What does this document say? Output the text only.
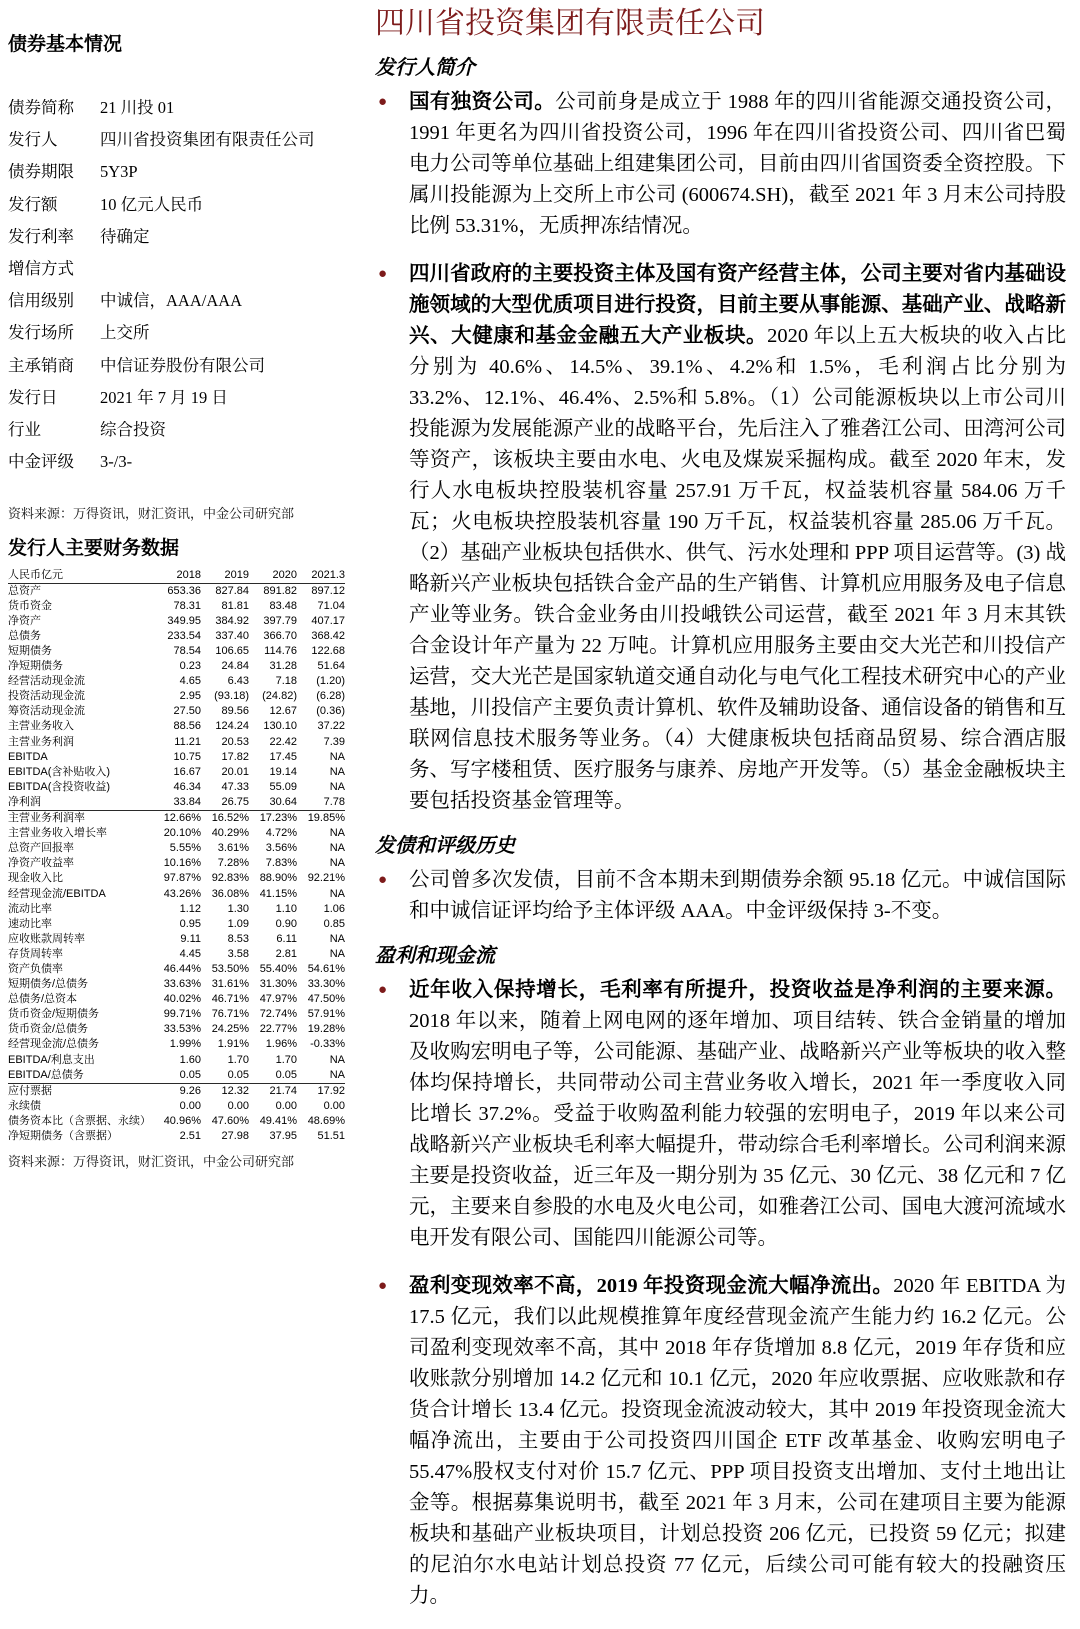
债券基本情况
债券简称	21 川投 01
发行人	四川省投资集团有限责任公司
债券期限	5Y3P
发行额	10 亿元人民币
发行利率	待确定
增信方式
信用级别	中诚信，AAA/AAA
发行场所	上交所
主承销商	中信证券股份有限公司
发行日	2021 年 7 月 19 日
行业	综合投资
中金评级	3-/3-
资料来源：万得资讯，财汇资讯，中金公司研究部
发行人主要财务数据
人民币亿元	2018	2019	2020	2021.3
总资产	653.36	827.84	891.82	897.12
货币资金	78.31	81.81	83.48	71.04
净资产	349.95	384.92	397.79	407.17
总债务	233.54	337.40	366.70	368.42
短期债务	78.54	106.65	114.76	122.68
净短期债务	0.23	24.84	31.28	51.64
经营活动现金流	4.65	6.43	7.18	(1.20)
投资活动现金流	2.95	(93.18)	(24.82)	(6.28)
筹资活动现金流	27.50	89.56	12.67	(0.36)
主营业务收入	88.56	124.24	130.10	37.22
主营业务利润	11.21	20.53	22.42	7.39
EBITDA	10.75	17.82	17.45	NA
EBITDA(含补贴收入)	16.67	20.01	19.14	NA
EBITDA(含投资收益)	46.34	47.33	55.09	NA
净利润	33.84	26.75	30.64	7.78
主营业务利润率	12.66%	16.52%	17.23%	19.85%
主营业务收入增长率	20.10%	40.29%	4.72%	NA
总资产回报率	5.55%	3.61%	3.56%	NA
净资产收益率	10.16%	7.28%	7.83%	NA
现金收入比	97.87%	92.83%	88.90%	92.21%
经营现金流/EBITDA	43.26%	36.08%	41.15%	NA
流动比率	1.12	1.30	1.10	1.06
速动比率	0.95	1.09	0.90	0.85
应收账款周转率	9.11	8.53	6.11	NA
存货周转率	4.45	3.58	2.81	NA
资产负债率	46.44%	53.50%	55.40%	54.61%
短期债务/总债务	33.63%	31.61%	31.30%	33.30%
总债务/总资本	40.02%	46.71%	47.97%	47.50%
货币资金/短期债务	99.71%	76.71%	72.74%	57.91%
货币资金/总债务	33.53%	24.25%	22.77%	19.28%
经营现金流/总债务	1.99%	1.91%	1.96%	-0.33%
EBITDA/利息支出	1.60	1.70	1.70	NA
EBITDA/总债务	0.05	0.05	0.05	NA
应付票据	9.26	12.32	21.74	17.92
永续债	0.00	0.00	0.00	0.00
债务资本比（含票据、永续）	40.96%	47.60%	49.41%	48.69%
净短期债务（含票据）	2.51	27.98	37.95	51.51
资料来源：万得资讯，财汇资讯，中金公司研究部
四川省投资集团有限责任公司
发行人简介
●	国有独资公司。公司前身是成立于 1988 年的四川省能源交通投资公司，1991 年更名为四川省投资公司，1996 年在四川省投资公司、四川省巴蜀电力公司等单位基础上组建集团公司，目前由四川省国资委全资控股。下属川投能源为上交所上市公司 (600674.SH)，截至 2021 年 3 月末公司持股比例 53.31%，无质押冻结情况。

●	四川省政府的主要投资主体及国有资产经营主体，公司主要对省内基础设施领域的大型优质项目进行投资，目前主要从事能源、基础产业、战略新兴、大健康和基金金融五大产业板块。2020 年以上五大板块的收入占比分别为 40.6%、14.5%、39.1%、4.2%和 1.5%，毛利润占比分别为 33.2%、12.1%、46.4%、2.5%和 5.8%。（1）公司能源板块以上市公司川投能源为发展能源产业的战略平台，先后注入了雅砻江公司、田湾河公司等资产，该板块主要由水电、火电及煤炭采掘构成。截至 2020 年末，发行人水电板块控股装机容量 257.91 万千瓦，权益装机容量 584.06 万千瓦；火电板块控股装机容量 190 万千瓦，权益装机容量 285.06 万千瓦。（2）基础产业板块包括供水、供气、污水处理和 PPP 项目运营等。(3) 战略新兴产业板块包括铁合金产品的生产销售、计算机应用服务及电子信息产业等业务。铁合金业务由川投峨铁公司运营，截至 2021 年 3 月末其铁合金设计年产量为 22 万吨。计算机应用服务主要由交大光芒和川投信产运营，交大光芒是国家轨道交通自动化与电气化工程技术研究中心的产业基地，川投信产主要负责计算机、软件及辅助设备、通信设备的销售和互联网信息技术服务等业务。（4）大健康板块包括商品贸易、综合酒店服务、写字楼租赁、医疗服务与康养、房地产开发等。（5）基金金融板块主要包括投资基金管理等。

发债和评级历史
●	公司曾多次发债，目前不含本期未到期债券余额 95.18 亿元。中诚信国际和中诚信证评均给予主体评级 AAA。中金评级保持 3-不变。

盈利和现金流
●	近年收入保持增长，毛利率有所提升，投资收益是净利润的主要来源。2018 年以来，随着上网电网的逐年增加、项目结转、铁合金销量的增加及收购宏明电子等，公司能源、基础产业、战略新兴产业等板块的收入整体均保持增长，共同带动公司主营业务收入增长，2021 年一季度收入同比增长 37.2%。受益于收购盈利能力较强的宏明电子，2019 年以来公司战略新兴产业板块毛利率大幅提升，带动综合毛利率增长。公司利润来源主要是投资收益，近三年及一期分别为 35 亿元、30 亿元、38 亿元和 7 亿元，主要来自参股的水电及火电公司，如雅砻江公司、国电大渡河流域水电开发有限公司、国能四川能源公司等。

●	盈利变现效率不高，2019 年投资现金流大幅净流出。2020 年 EBITDA 为 17.5 亿元，我们以此规模推算年度经营现金流产生能力约 16.2 亿元。公司盈利变现效率不高，其中 2018 年存货增加 8.8 亿元，2019 年存货和应收账款分别增加 14.2 亿元和 10.1 亿元，2020 年应收票据、应收账款和存货合计增长 13.4 亿元。投资现金流波动较大，其中 2019 年投资现金流大幅净流出，主要由于公司投资四川国企 ETF 改革基金、收购宏明电子 55.47%股权支付对价 15.7 亿元、PPP 项目投资支出增加、支付土地出让金等。根据募集说明书，截至 2021 年 3 月末，公司在建项目主要为能源板块和基础产业板块项目，计划总投资 206 亿元，已投资 59 亿元；拟建的尼泊尔水电站计划总投资 77 亿元，后续公司可能有较大的投融资压力。
